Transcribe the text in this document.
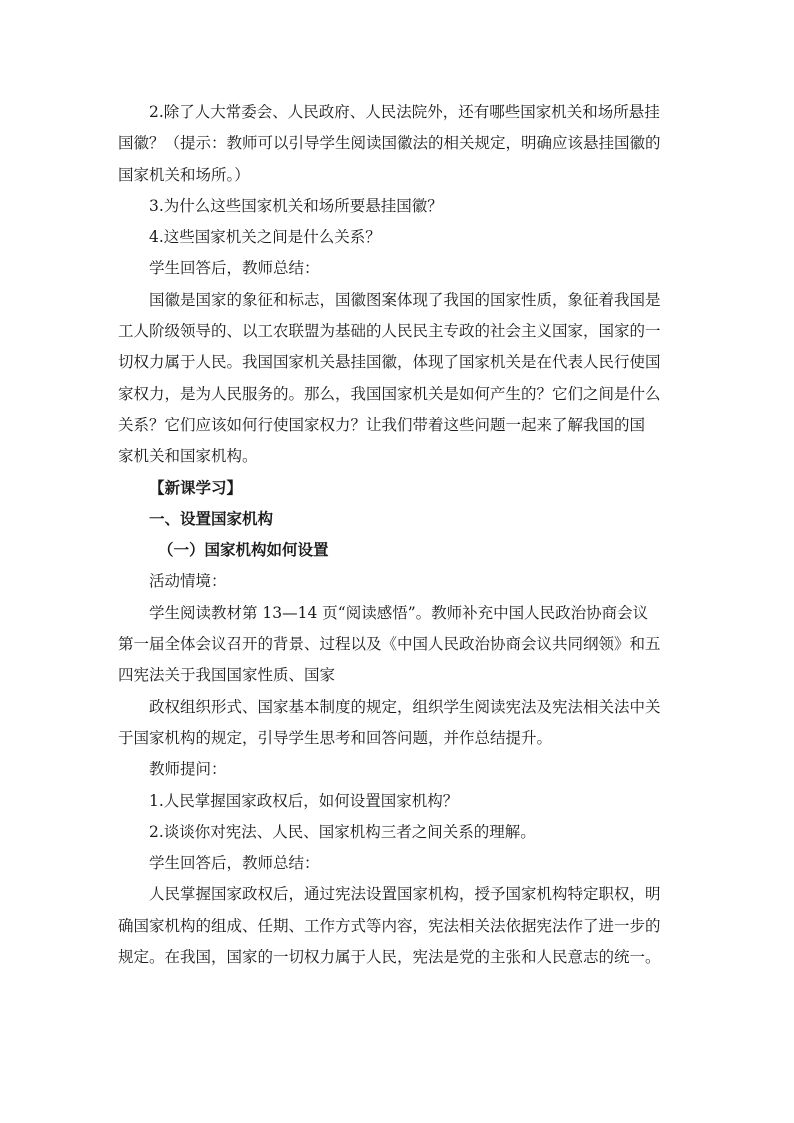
2.除了人大常委会、人民政府、人民法院外，还有哪些国家机关和场所悬挂
国徽？（提示：教师可以引导学生阅读国徽法的相关规定，明确应该悬挂国徽的
国家机关和场所。）
3.为什么这些国家机关和场所要悬挂国徽？
4.这些国家机关之间是什么关系？
学生回答后，教师总结：
国徽是国家的象征和标志，国徽图案体现了我国的国家性质，象征着我国是
工人阶级领导的、以工农联盟为基础的人民民主专政的社会主义国家，国家的一
切权力属于人民。我国国家机关悬挂国徽，体现了国家机关是在代表人民行使国
家权力，是为人民服务的。那么，我国国家机关是如何产生的？它们之间是什么
关系？它们应该如何行使国家权力？让我们带着这些问题一起来了解我国的国
家机关和国家机构。
【新课学习】
一、设置国家机构
（一）国家机构如何设置
活动情境：
学生阅读教材第 13—14 页“阅读感悟”。教师补充中国人民政治协商会议
第一届全体会议召开的背景、过程以及《中国人民政治协商会议共同纲领》和五
四宪法关于我国国家性质、国家
政权组织形式、国家基本制度的规定，组织学生阅读宪法及宪法相关法中关
于国家机构的规定，引导学生思考和回答问题，并作总结提升。
教师提问：
1.人民掌握国家政权后，如何设置国家机构？
2.谈谈你对宪法、人民、国家机构三者之间关系的理解。
学生回答后，教师总结：
人民掌握国家政权后，通过宪法设置国家机构，授予国家机构特定职权，明
确国家机构的组成、任期、工作方式等内容，宪法相关法依据宪法作了进一步的
规定。在我国，国家的一切权力属于人民，宪法是党的主张和人民意志的统一。
